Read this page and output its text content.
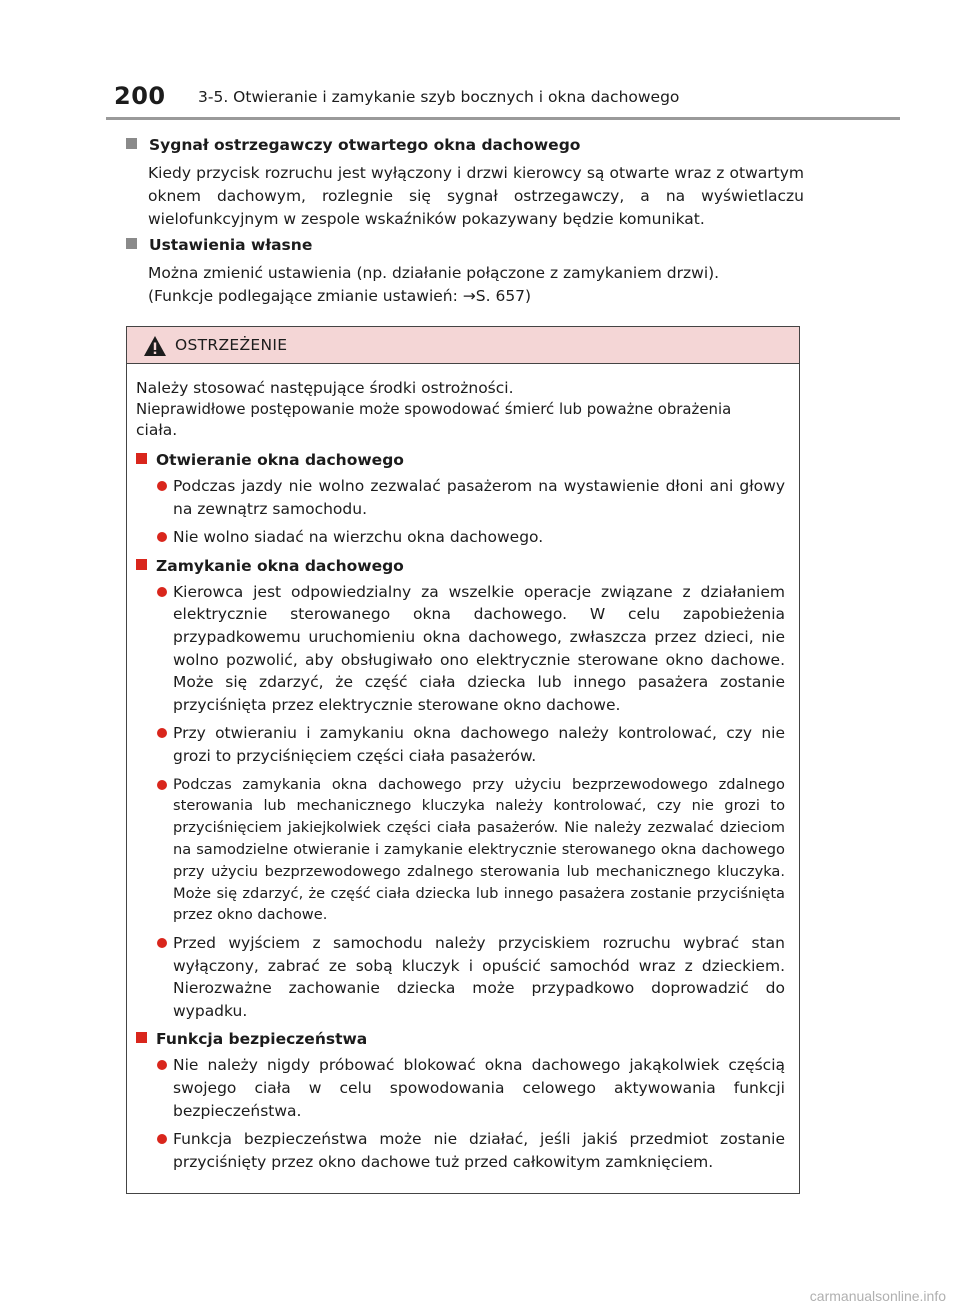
200 3-5. Otwieranie i zamykanie szyb bocznych i okna dachowego
Sygnał ostrzegawczy otwartego okna dachowego
Kiedy przycisk rozruchu jest wyłączony i drzwi kierowcy są otwarte wraz z otwartym oknem dachowym, rozlegnie się sygnał ostrzegawczy, a na wyświetlaczu wielofunkcyjnym w zespole wskaźników pokazywany będzie komunikat.
Ustawienia własne
Można zmienić ustawienia (np. działanie połączone z zamykaniem drzwi).
(Funkcje podlegające zmianie ustawień: →S. 657)
OSTRZEŻENIE
Należy stosować następujące środki ostrożności.
Nieprawidłowe postępowanie może spowodować śmierć lub poważne obrażenia
ciała.
Otwieranie okna dachowego
Podczas jazdy nie wolno zezwalać pasażerom na wystawienie dłoni ani głowy na zewnątrz samochodu.
Nie wolno siadać na wierzchu okna dachowego.
Zamykanie okna dachowego
Kierowca jest odpowiedzialny za wszelkie operacje związane z działaniem elektrycznie sterowanego okna dachowego. W celu zapobieżenia przypadkowemu uruchomieniu okna dachowego, zwłaszcza przez dzieci, nie wolno pozwolić, aby obsługiwało ono elektrycznie sterowane okno dachowe. Może się zdarzyć, że część ciała dziecka lub innego pasażera zostanie przyciśnięta przez elektrycznie sterowane okno dachowe.
Przy otwieraniu i zamykaniu okna dachowego należy kontrolować, czy nie grozi to przyciśnięciem części ciała pasażerów.
Podczas zamykania okna dachowego przy użyciu bezprzewodowego zdalnego sterowania lub mechanicznego kluczyka należy kontrolować, czy nie grozi to przyciśnięciem jakiejkolwiek części ciała pasażerów. Nie należy zezwalać dzieciom na samodzielne otwieranie i zamykanie elektrycznie sterowanego okna dachowego przy użyciu bezprzewodowego zdalnego sterowania lub mechanicznego kluczyka. Może się zdarzyć, że część ciała dziecka lub innego pasażera zostanie przyciśnięta przez okno dachowe.
Przed wyjściem z samochodu należy przyciskiem rozruchu wybrać stan wyłączony, zabrać ze sobą kluczyk i opuścić samochód wraz z dzieckiem. Nierozważne zachowanie dziecka może przypadkowo doprowadzić do wypadku.
Funkcja bezpieczeństwa
Nie należy nigdy próbować blokować okna dachowego jakąkolwiek częścią swojego ciała w celu spowodowania celowego aktywowania funkcji bezpieczeństwa.
Funkcja bezpieczeństwa może nie działać, jeśli jakiś przedmiot zostanie przyciśnięty przez okno dachowe tuż przed całkowitym zamknięciem.
carmanualsonline.info
